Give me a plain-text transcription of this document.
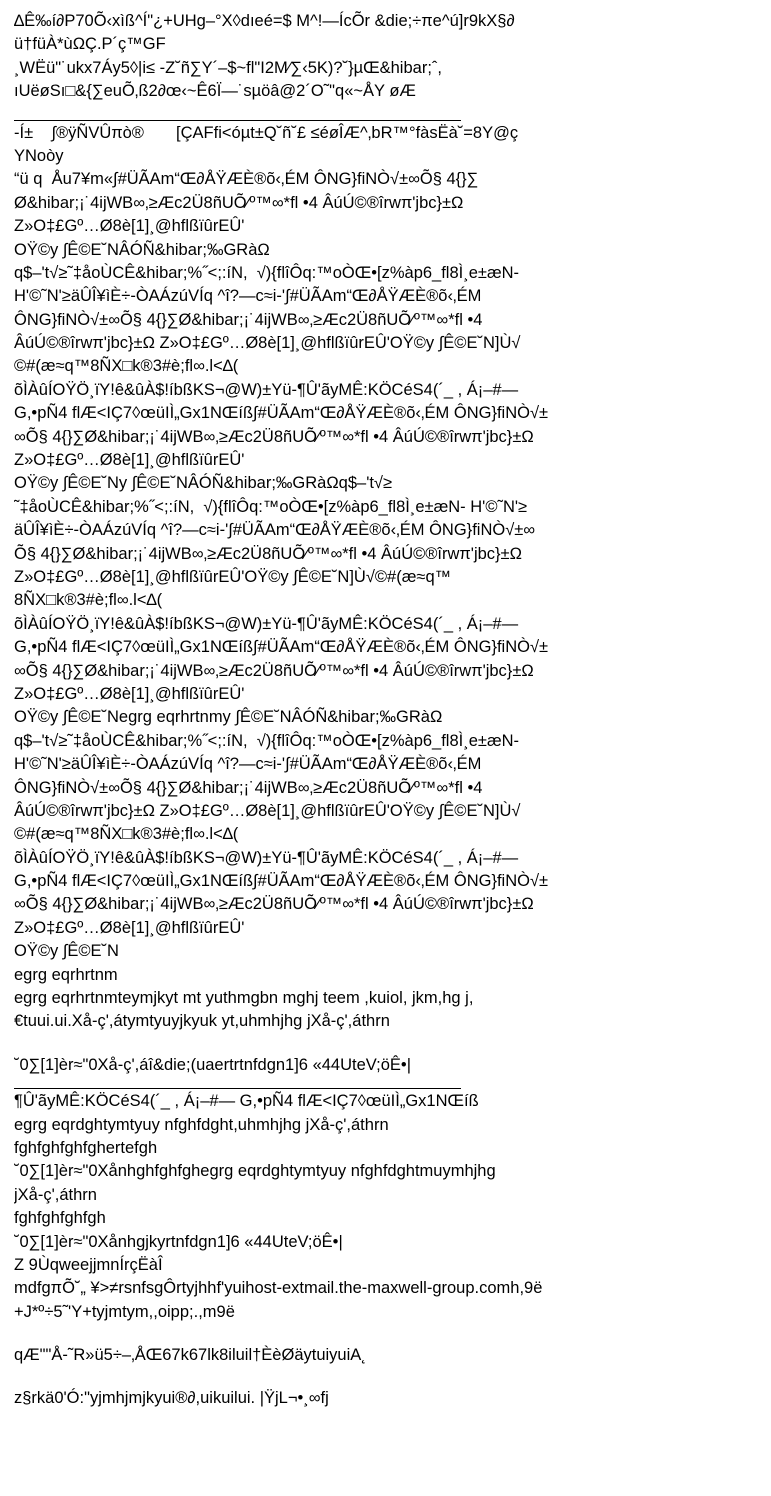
∆Ê‰í∂P70Õ‹xìß^Í"¿+UHg–°X◊dıeé=$ M^!—ÍcÕr &die;÷πe^ú]r9kX§∂
ü†füÀ*ùΩÇ.P´ç™GF
¸WËü"˙ukx7Áy5◊|i≤ -Z˘ñ∑Y´–$~fl"I2M∕∑‹5K)?˘}µŒ&hibar;ˆ,
ıUëøSı□&{∑euÕ‚ß2∂œ‹~Ê6Ï—˙sµöâ@2´O˜"q«~ÅY øÆ
-Í±    ∫®ÿÑVÛπò®       [ÇAFfi<óµt±Q˘ñ˘£ ≤éøÎÆ^‚bR™°fàsËà˘=8Y@ç
YNoòy
“ü q  Åu7¥m«∫#ÜÃAm“Œ∂ÅŸÆÈ®õ‹‚ÉM ÔNG}fiNÒ√±∞Õ§ 4{}∑
Ø&hibar;¡˙4ijWB∞‚≥Æc2Ü8ñUÕ⁄º™∞*fl •4 ÂúÚ©®îrwπ'jbc}±Ω
Z»O‡£Gº…Ø8è[1]¸@hflßïûrEÛ'
OŸ©y ∫Ê©E˘NÂÓÑ&hibar;‰GRàΩ
q$–'t√≥˜‡åoÙCÊ&hibar;%˝<;:íN,  √){flîÔq:™oÒŒ•[z%àp6_fl8Ì¸e±æN-
H'©˜N'≥äÛÎ¥ìÈ÷-ÒAÁzúVÍq ^î?—c≈i-'∫#ÜÃAm“Œ∂ÅŸÆÈ®õ‹‚ÉM
ÔNG}fiNÒ√±∞Õ§ 4{}∑Ø&hibar;¡˙4ijWB∞‚≥Æc2Ü8ñUÕ⁄º™∞*fl •4
ÂúÚ©®îrwπ'jbc}±Ω Z»O‡£Gº…Ø8è[1]¸@hflßïûrEÛ'OŸ©y ∫Ê©E˘N]Ù√
©#(æ≈q™8ÑX□k®3#è;fl∞.l<∆(
õÌÀûÍOŸÖ¸ïY!ê&ûÀ$!íbßKS¬@W)±Yü-¶Û'ãyMÊ:KÖCéS4(´_ , Á¡–#—
G,•pÑ4 flÆ<IÇ7◊œüIÌ„Gx1NŒíß∫#ÜÃAm“Œ∂ÅŸÆÈ®õ‹‚ÉM ÔNG}fiNÒ√±
∞Õ§ 4{}∑Ø&hibar;¡˙4ijWB∞‚≥Æc2Ü8ñUÕ⁄º™∞*fl •4 ÂúÚ©®îrwπ'jbc}±Ω
Z»O‡£Gº…Ø8è[1]¸@hflßïûrEÛ'
OŸ©y ∫Ê©E˘Ny ∫Ê©E˘NÂÓÑ&hibar;‰GRàΩq$–'t√≥
˜‡åoÙCÊ&hibar;%˝<;:íN,  √){flîÔq:™oÒŒ•[z%àp6_fl8Ì¸e±æN- H'©˜N'≥
äÛÎ¥ìÈ÷-ÒAÁzúVÍq ^î?—c≈i-'∫#ÜÃAm“Œ∂ÅŸÆÈ®õ‹‚ÉM ÔNG}fiNÒ√±∞
Õ§ 4{}∑Ø&hibar;¡˙4ijWB∞‚≥Æc2Ü8ñUÕ⁄º™∞*fl •4 ÂúÚ©®îrwπ'jbc}±Ω
Z»O‡£Gº…Ø8è[1]¸@hflßïûrEÛ'OŸ©y ∫Ê©E˘N]Ù√©#(æ≈q™
8ÑX□k®3#è;fl∞.l<∆(
õÌÀûÍOŸÖ¸ïY!ê&ûÀ$!íbßKS¬@W)±Yü-¶Û'ãyMÊ:KÖCéS4(´_ , Á¡–#—
G,•pÑ4 flÆ<IÇ7◊œüIÌ„Gx1NŒíß∫#ÜÃAm“Œ∂ÅŸÆÈ®õ‹‚ÉM ÔNG}fiNÒ√±
∞Õ§ 4{}∑Ø&hibar;¡˙4ijWB∞‚≥Æc2Ü8ñUÕ⁄º™∞*fl •4 ÂúÚ©®îrwπ'jbc}±Ω
Z»O‡£Gº…Ø8è[1]¸@hflßïûrEÛ'
OŸ©y ∫Ê©E˘Negrg eqrhrtnmy ∫Ê©E˘NÂÓÑ&hibar;‰GRàΩ
q$–'t√≥˜‡åoÙCÊ&hibar;%˝<;:íN,  √){flîÔq:™oÒŒ•[z%àp6_fl8Ì¸e±æN-
H'©˜N'≥äÛÎ¥ìÈ÷-ÒAÁzúVÍq ^î?—c≈i-'∫#ÜÃAm“Œ∂ÅŸÆÈ®õ‹‚ÉM
ÔNG}fiNÒ√±∞Õ§ 4{}∑Ø&hibar;¡˙4ijWB∞‚≥Æc2Ü8ñUÕ⁄º™∞*fl •4
ÂúÚ©®îrwπ'jbc}±Ω Z»O‡£Gº…Ø8è[1]¸@hflßïûrEÛ'OŸ©y ∫Ê©E˘N]Ù√
©#(æ≈q™8ÑX□k®3#è;fl∞.l<∆(
õÌÀûÍOŸÖ¸ïY!ê&ûÀ$!íbßKS¬@W)±Yü-¶Û'ãyMÊ:KÖCéS4(´_ , Á¡–#—
G,•pÑ4 flÆ<IÇ7◊œüIÌ„Gx1NŒíß∫#ÜÃAm“Œ∂ÅŸÆÈ®õ‹‚ÉM ÔNG}fiNÒ√±
∞Õ§ 4{}∑Ø&hibar;¡˙4ijWB∞‚≥Æc2Ü8ñUÕ⁄º™∞*fl •4 ÂúÚ©®îrwπ'jbc}±Ω
Z»O‡£Gº…Ø8è[1]¸@hflßïûrEÛ'
OŸ©y ∫Ê©E˘N
egrg eqrhrtnm
egrg eqrhrtnmteymjkyt mt yuthmgbn mghj teem ,kuiol, jkm,hg j,
€tuui.ui.Xå-ç',átymtyuyjkyuk yt,uhmhjhg jXå-ç',áthrn
˘0∑[1]èr≈"0Xå-ç',áî&die;(uaertrtnfdgn1]6 «44UteV;öÊ•|
¶Û'ãyMÊ:KÖCéS4(´_ , Á¡–#— G,•pÑ4 flÆ<IÇ7◊œüIÌ„Gx1NŒíß
egrg eqrdghtymtyuy nfghfdght,uhmhjhg jXå-ç',áthrn
fghfghfghfghertefgh
˘0∑[1]èr≈"0Xånhghfghfghegrg eqrdghtymtyuy nfghfdghtmuymhjhg
jXå-ç',áthrn
fghfghfghfgh
˘0∑[1]èr≈"0Xånhgjkyrtnfdgn1]6 «44UteV;öÊ•|
Z 9ÙqweejjmnÍrçËàÎ
mdfgπÕ˘„ ¥>≠rsnfsgÔrtyjhhf'yuihost-extmail.the-maxwell-group.comh,9ë
+J*º÷5˜'Y+tyjmtym,,oipp;.,m9ë
qÆ""Å-˜R»ü5÷–‚ÅŒ67k67lk8iluil†ÈèØäytuiyuiA˛
z§rkä0'Ó:"yjmhjmjkyui®∂,uikuilui. |ŸjL¬•¸∞fj
